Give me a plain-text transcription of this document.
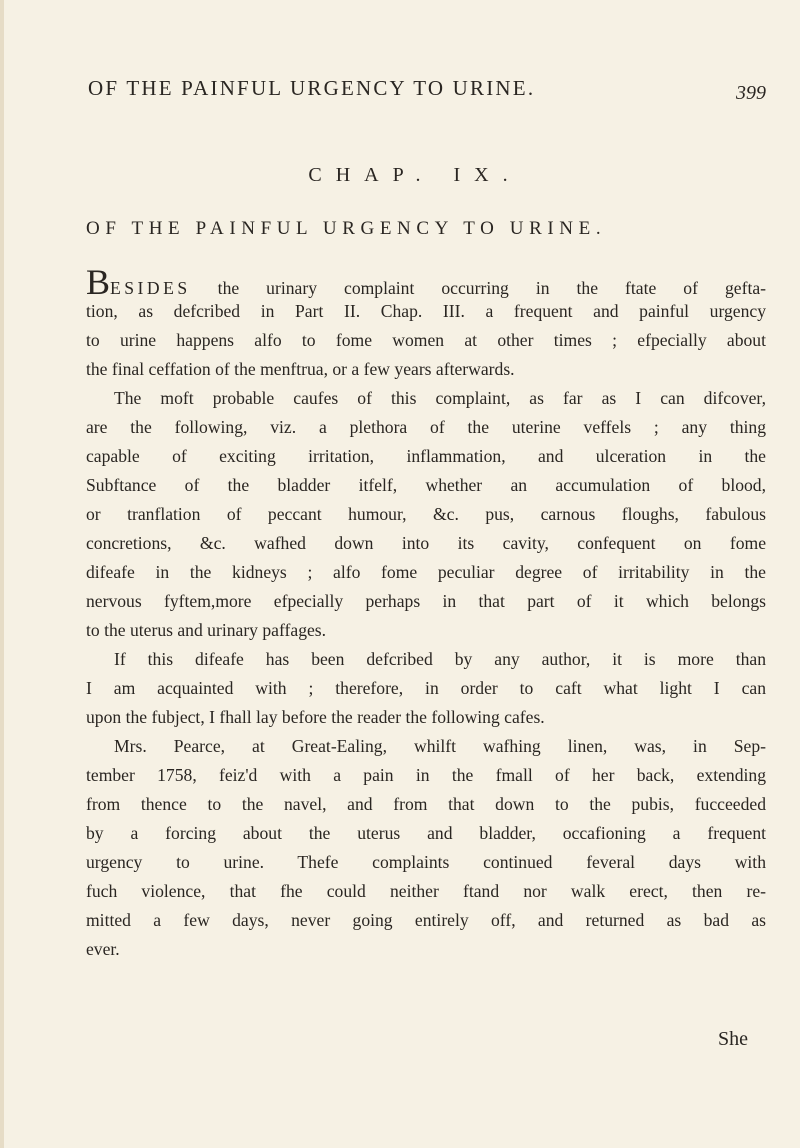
OF THE PAINFUL URGENCY TO URINE.	399
CHAP. IX.
OF THE PAINFUL URGENCY TO URINE.
BESIDES the urinary complaint occurring in the ftate of gefta-
tion, as defcribed in Part II. Chap. III. a frequent and painful urgency
to urine happens alfo to fome women at other times ; efpecially about
the final ceffation of the menftrua, or a few years afterwards.
The moft probable caufes of this complaint, as far as I can difcover,
are the following, viz. a plethora of the uterine veffels ; any thing
capable of exciting irritation, inflammation, and ulceration in the
Subftance of the bladder itfelf, whether an accumulation of blood,
or tranflation of peccant humour, &c. pus, carnous floughs, fabulous
concretions, &c. wafhed down into its cavity, confequent on fome
difeafe in the kidneys ; alfo fome peculiar degree of irritability in the
nervous fyftem,more efpecially perhaps in that part of it which belongs
to the uterus and urinary paffages.
If this difeafe has been defcribed by any author, it is more than
I am acquainted with ; therefore, in order to caft what light I can
upon the fubject, I fhall lay before the reader the following cafes.
Mrs. Pearce, at Great-Ealing, whilft wafhing linen, was, in Sep-
tember 1758, feiz'd with a pain in the fmall of her back, extending
from thence to the navel, and from that down to the pubis, fucceeded
by a forcing about the uterus and bladder, occafioning a frequent
urgency to urine. Thefe complaints continued feveral days with
fuch violence, that fhe could neither ftand nor walk erect, then re-
mitted a few days, never going entirely off, and returned as bad as
ever.
She
